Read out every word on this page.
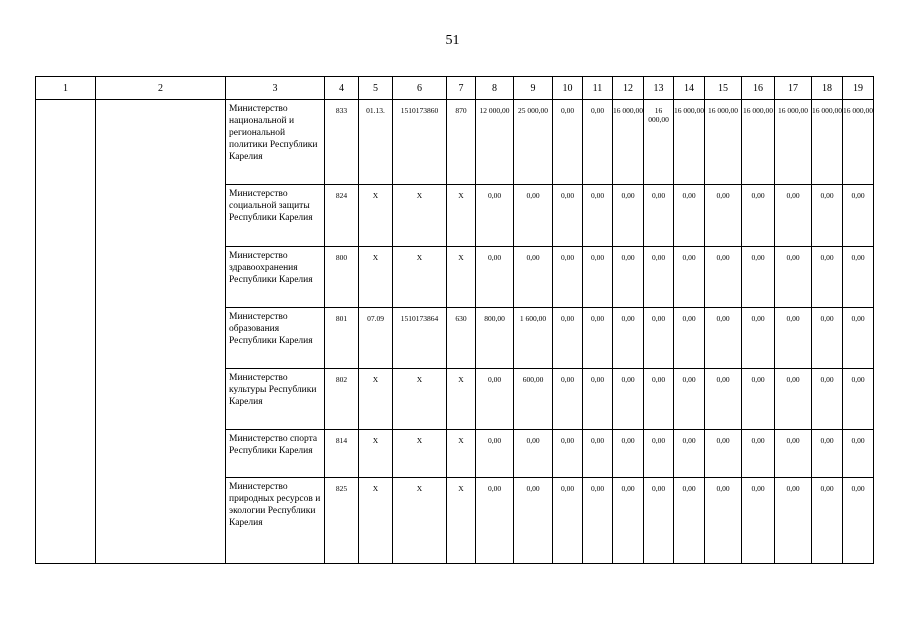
51
1	2	3	4	5	6	7	8	9	10	11	12	13	14	15	16	17	18	19
		Министерство национальной и региональной политики Республики Карелия	833	01.13.	1510173860	870	12 000,00	25 000,00	0,00	0,00	16 000,00	16 000,00	16 000,00	16 000,00	16 000,00	16 000,00	16 000,00	16 000,00
		Министерство социальной защиты Республики Карелия	824	X	X	X	0,00	0,00	0,00	0,00	0,00	0,00	0,00	0,00	0,00	0,00	0,00	0,00
		Министерство здравоохранения Республики Карелия	800	X	X	X	0,00	0,00	0,00	0,00	0,00	0,00	0,00	0,00	0,00	0,00	0,00	0,00
		Министерство образования Республики Карелия	801	07.09	1510173864	630	800,00	1 600,00	0,00	0,00	0,00	0,00	0,00	0,00	0,00	0,00	0,00	0,00
		Министерство культуры Республики Карелия	802	X	X	X	0,00	600,00	0,00	0,00	0,00	0,00	0,00	0,00	0,00	0,00	0,00	0,00
		Министерство спорта Республики Карелия	814	X	X	X	0,00	0,00	0,00	0,00	0,00	0,00	0,00	0,00	0,00	0,00	0,00	0,00
		Министерство природных ресурсов и экологии Республики Карелия	825	X	X	X	0,00	0,00	0,00	0,00	0,00	0,00	0,00	0,00	0,00	0,00	0,00	0,00
